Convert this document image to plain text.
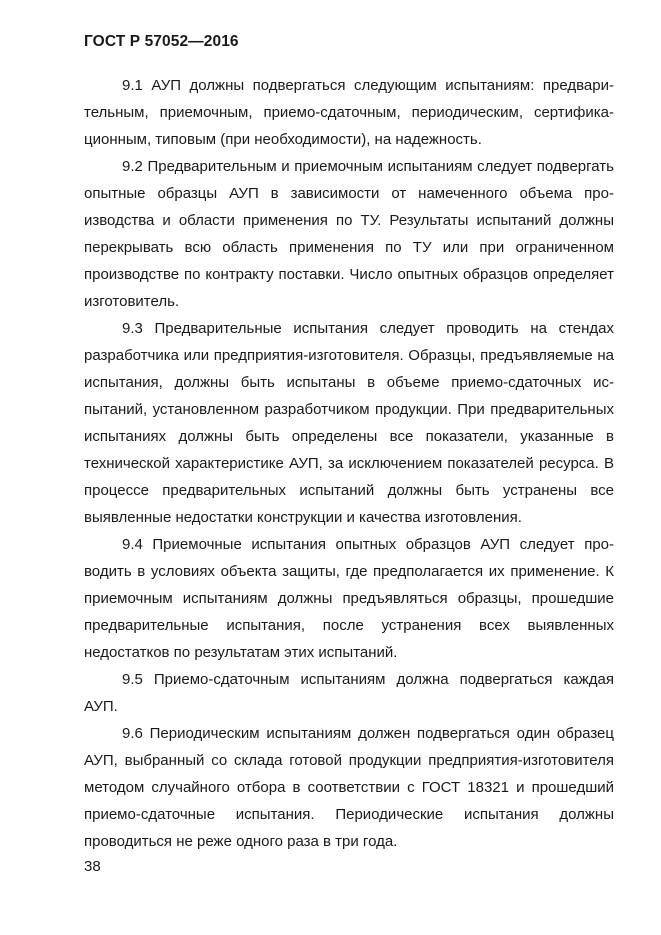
ГОСТ Р 57052—2016

9.1 АУП должны подвергаться следующим испытаниям: предварительным, приемочным, приемо-сдаточным, периодическим, сертификационным, типовым (при необходимости), на надежность.

9.2 Предварительным и приемочным испытаниям следует подвергать опытные образцы АУП в зависимости от намеченного объема производства и области применения по ТУ. Результаты испытаний должны перекрывать всю область применения по ТУ или при ограниченном производстве по контракту поставки. Число опытных образцов определяет изготовитель.

9.3 Предварительные испытания следует проводить на стендах разработчика или предприятия-изготовителя. Образцы, предъявляемые на испытания, должны быть испытаны в объеме приемо-сдаточных испытаний, установленном разработчиком продукции. При предварительных испытаниях должны быть определены все показатели, указанные в технической характеристике АУП, за исключением показателей ресурса. В процессе предварительных испытаний должны быть устранены все выявленные недостатки конструкции и качества изготовления.

9.4 Приемочные испытания опытных образцов АУП следует проводить в условиях объекта защиты, где предполагается их применение. К приемочным испытаниям должны предъявляться образцы, прошедшие предварительные испытания, после устранения всех выявленных недостатков по результатам этих испытаний.

9.5 Приемо-сдаточным испытаниям должна подвергаться каждая АУП.

9.6 Периодическим испытаниям должен подвергаться один образец АУП, выбранный со склада готовой продукции предприятия-изготовителя методом случайного отбора в соответствии с ГОСТ 18321 и прошедший приемо-сдаточные испытания. Периодические испытания должны проводиться не реже одного раза в три года.

38
